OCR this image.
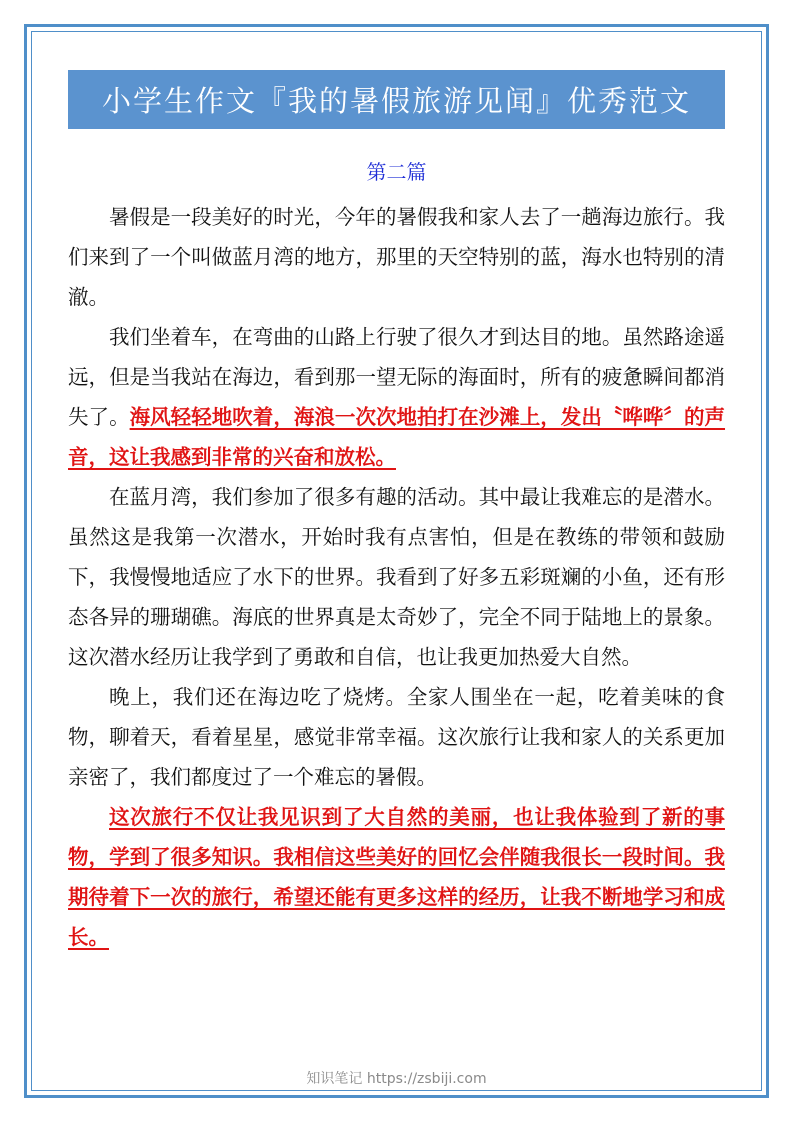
小学生作文『我的暑假旅游见闻』优秀范文
第二篇

暑假是一段美好的时光，今年的暑假我和家人去了一趟海边旅行。我们来到了一个叫做蓝月湾的地方，那里的天空特别的蓝，海水也特别的清澈。

我们坐着车，在弯曲的山路上行驶了很久才到达目的地。虽然路途遥远，但是当我站在海边，看到那一望无际的海面时，所有的疲惫瞬间都消失了。海风轻轻地吹着，海浪一次次地拍打在沙滩上，发出〝哗哗〞的声音，这让我感到非常的兴奋和放松。

在蓝月湾，我们参加了很多有趣的活动。其中最让我难忘的是潜水。虽然这是我第一次潜水，开始时我有点害怕，但是在教练的带领和鼓励下，我慢慢地适应了水下的世界。我看到了好多五彩斑斓的小鱼，还有形态各异的珊瑚礁。海底的世界真是太奇妙了，完全不同于陆地上的景象。这次潜水经历让我学到了勇敢和自信，也让我更加热爱大自然。

晚上，我们还在海边吃了烧烤。全家人围坐在一起，吃着美味的食物，聊着天，看着星星，感觉非常幸福。这次旅行让我和家人的关系更加亲密了，我们都度过了一个难忘的暑假。

这次旅行不仅让我见识到了大自然的美丽，也让我体验到了新的事物，学到了很多知识。我相信这些美好的回忆会伴随我很长一段时间。我期待着下一次的旅行，希望还能有更多这样的经历，让我不断地学习和成长。

知识笔记 https://zsbiji.com
